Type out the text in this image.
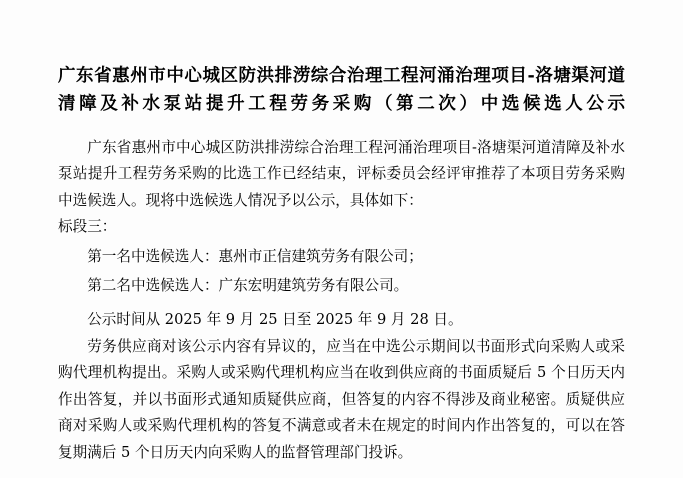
广东省惠州市中心城区防洪排涝综合治理工程河涌治理项目-洛塘渠河道清障及补水泵站提升工程劳务采购（第二次）中选候选人公示

广东省惠州市中心城区防洪排涝综合治理工程河涌治理项目-洛塘渠河道清障及补水泵站提升工程劳务采购的比选工作已经结束，评标委员会经评审推荐了本项目劳务采购中选候选人。现将中选候选人情况予以公示，具体如下：

标段三：

第一名中选候选人：惠州市正信建筑劳务有限公司；

第二名中选候选人：广东宏明建筑劳务有限公司。

公示时间从 2025 年 9 月 25 日至 2025 年 9 月 28 日。

劳务供应商对该公示内容有异议的，应当在中选公示期间以书面形式向采购人或采购代理机构提出。采购人或采购代理机构应当在收到供应商的书面质疑后 5 个日历天内作出答复，并以书面形式通知质疑供应商，但答复的内容不得涉及商业秘密。质疑供应商对采购人或采购代理机构的答复不满意或者未在规定的时间内作出答复的，可以在答复期满后 5 个日历天内向采购人的监督管理部门投诉。
